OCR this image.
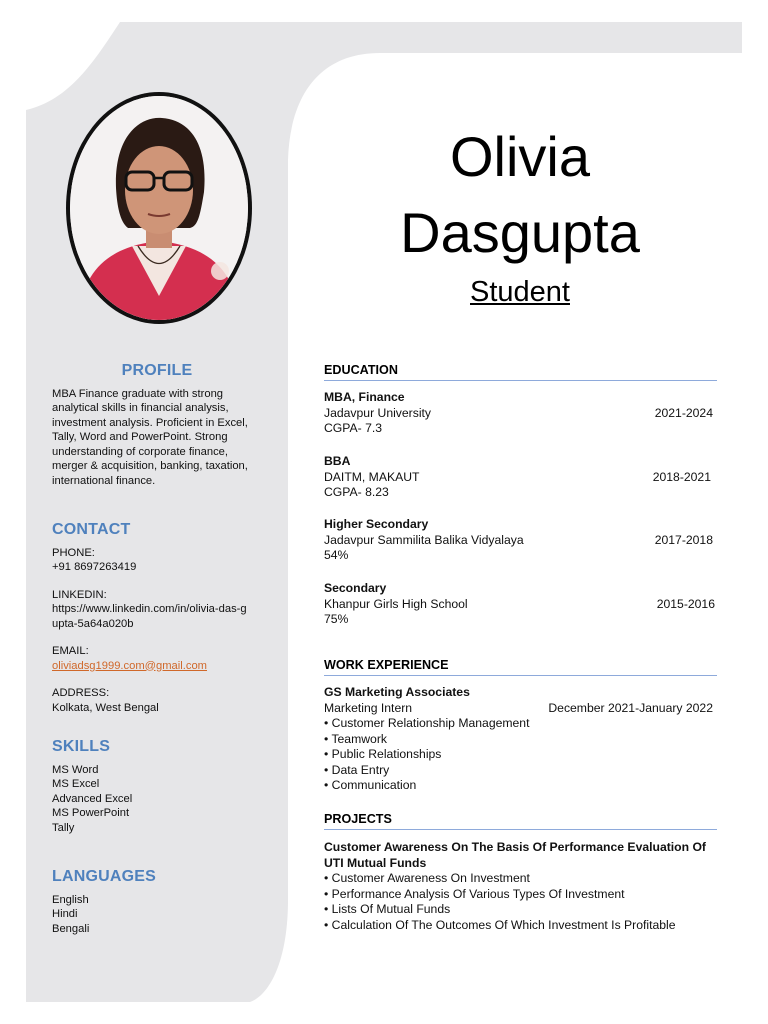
PROFILE

MBA Finance graduate with strong analytical skills in financial analysis, investment analysis. Proficient in Excel, Tally, Word and PowerPoint. Strong understanding of corporate finance, merger & acquisition, banking, taxation, international finance.

CONTACT

PHONE:

+91 8697263419

LINKEDIN:

https://www.linkedin.com/in/olivia-das-gupta-5a64a020b

EMAIL:

oliviadsg1999.com@gmail.com

ADDRESS:

Kolkata, West Bengal

SKILLS

MS Word

MS Excel

Advanced Excel

MS PowerPoint

Tally

LANGUAGES

English

Hindi

Bengali

Olivia
Dasgupta
Student
EDUCATION
MBA, Finance
Jadavpur University	2021-2024
CGPA- 7.3
BBA
DAITM, MAKAUT	2018-2021
CGPA- 8.23
Higher Secondary
Jadavpur Sammilita Balika Vidyalaya	2017-2018
54%
Secondary
Khanpur Girls High School	2015-2016
75%
WORK EXPERIENCE
GS Marketing Associates
Marketing Intern	December 2021-January 2022
• Customer Relationship Management
• Teamwork
• Public Relationships
• Data Entry
• Communication
PROJECTS
Customer Awareness On The Basis Of Performance Evaluation Of UTI Mutual Funds
• Customer Awareness On Investment
• Performance Analysis Of Various Types Of Investment
• Lists Of Mutual Funds
• Calculation Of The Outcomes Of Which Investment Is Profitable
